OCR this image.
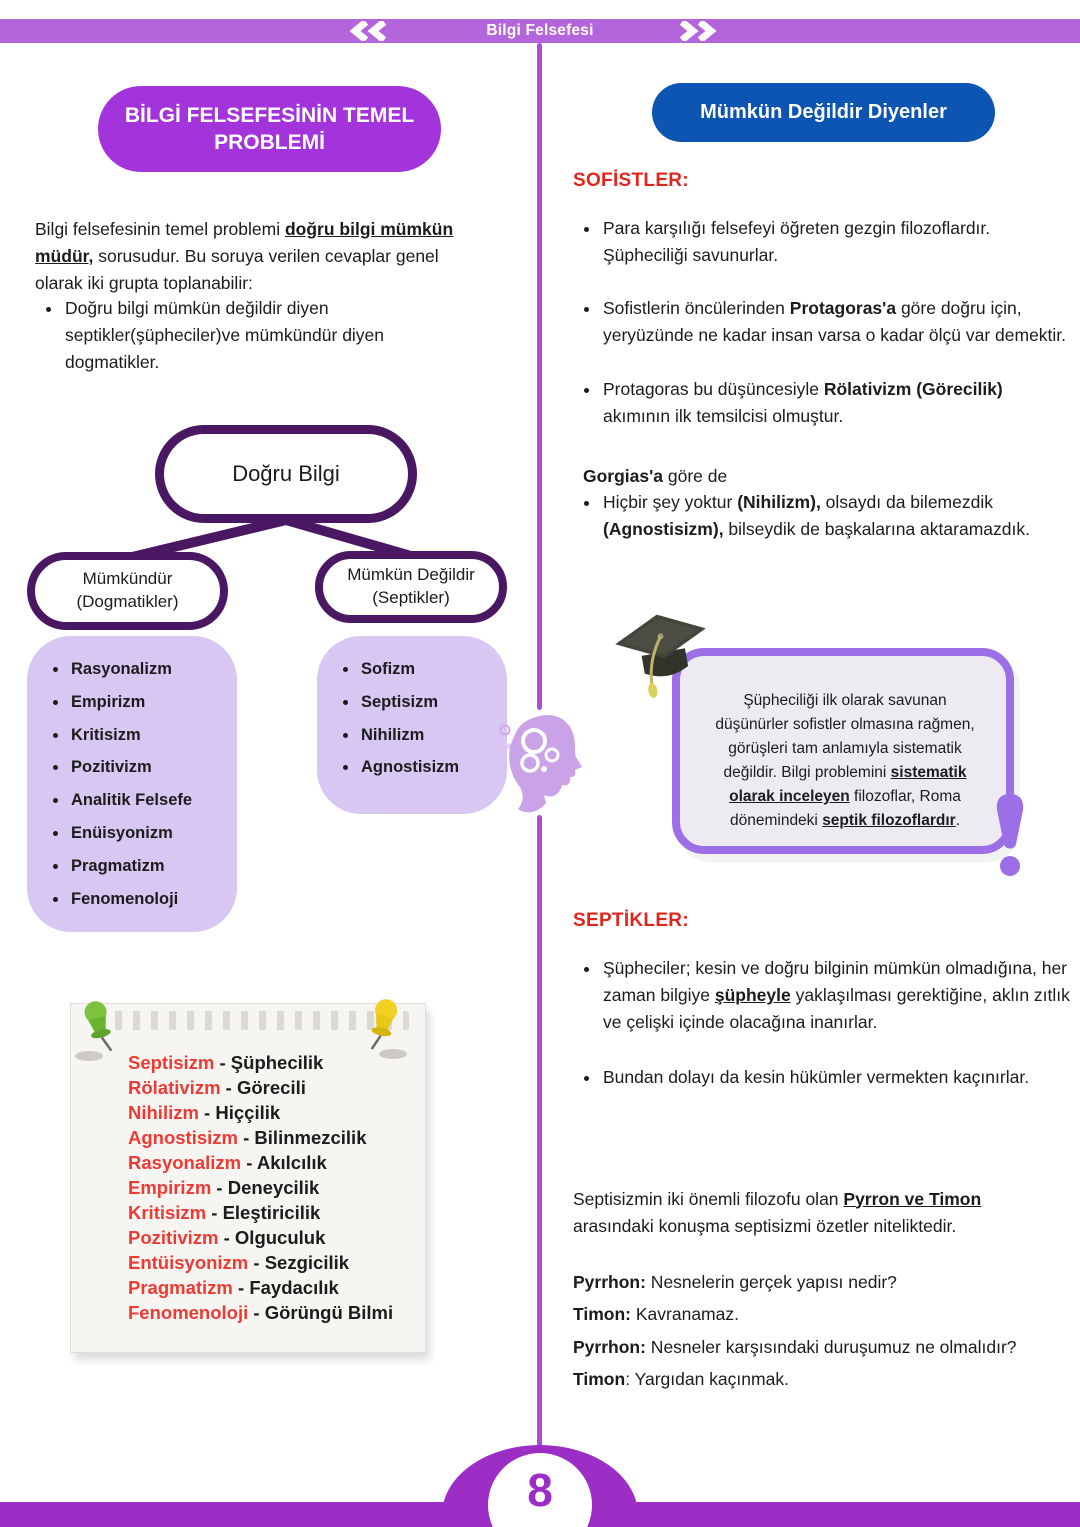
Bilgi Felsefesi
BİLGİ FELSEFESİNİN TEMEL PROBLEMİ

Bilgi felsefesinin temel problemi doğru bilgi mümkün müdür, sorusudur. Bu soruya verilen cevaplar genel olarak iki grupta toplanabilir:

• Doğru bilgi mümkün değildir diyen septikler(şüpheciler)ve mümkündür diyen dogmatikler.
Doğru Bilgi
Mümkündür
(Dogmatikler)
Mümkün Değildir
(Septikler)
• Rasyonalizm
• Empirizm
• Kritisizm
• Pozitivizm
• Analitik Felsefe
• Enüisyonizm
• Pragmatizm
• Fenomenoloji
• Sofizm
• Septisizm
• Nihilizm
• Agnostisizm
Septisizm - Şüphecilik
Rölativizm - Görecili
Nihilizm - Hiççilik
Agnostisizm - Bilinmezcilik
Rasyonalizm - Akılcılık
Empirizm - Deneycilik
Kritisizm - Eleştiricilik
Pozitivizm - Olguculuk
Entüisyonizm - Sezgicilik
Pragmatizm - Faydacılık
Fenomenoloji - Görüngü Bilmi
Mümkün Değildir Diyenler
SOFİSTLER:
• Para karşılığı felsefeyi öğreten gezgin filozoflardır. Şüpheciliği savunurlar.
• Sofistlerin öncülerinden Protagoras'a göre doğru için, yeryüzünde ne kadar insan varsa o kadar ölçü var demektir.
• Protagoras bu düşüncesiyle Rölativizm (Görecilik) akımının ilk temsilcisi olmuştur.
Gorgias'a göre de
• Hiçbir şey yoktur (Nihilizm), olsaydı da bilemezdik (Agnostisizm), bilseydik de başkalarına aktaramazdık.
Şüpheciliği ilk olarak savunan düşünürler sofistler olmasına rağmen, görüşleri tam anlamıyla sistematik değildir. Bilgi problemini sistematik olarak inceleyen filozoflar, Roma dönemindeki septik filozoflardır.
SEPTİKLER:
• Şüpheciler; kesin ve doğru bilginin mümkün olmadığına, her zaman bilgiye şüpheyle yaklaşılması gerektiğine, aklın zıtlık ve çelişki içinde olacağına inanırlar.
• Bundan dolayı da kesin hükümler vermekten kaçınırlar.

Septisizmin iki önemli filozofu olan Pyrron ve Timon arasındaki konuşma septisizmi özetler niteliktedir.

Pyrrhon: Nesnelerin gerçek yapısı nedir?

Timon: Kavranamaz.

Pyrrhon: Nesneler karşısındaki duruşumuz ne olmalıdır?

Timon: Yargıdan kaçınmak.

8
